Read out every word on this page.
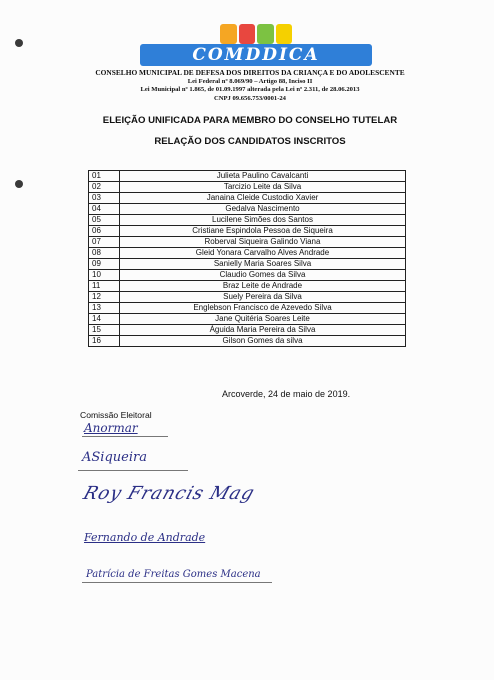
COMDDICA
CONSELHO MUNICIPAL DE DEFESA DOS DIREITOS DA CRIANÇA E DO ADOLESCENTE
Lei Federal nº 8.069/90 – Artigo 88, Inciso II
Lei Municipal nº 1.865, de 01.09.1997 alterada pela Lei nº 2.311, de 28.06.2013
CNPJ 09.656.753/0001-24
ELEIÇÃO UNIFICADA PARA MEMBRO DO CONSELHO TUTELAR
RELAÇÃO DOS CANDIDATOS INSCRITOS
01	Julieta Paulino Cavalcanti
02	Tarcizio Leite da Silva
03	Janaina Cleide Custodio Xavier
04	Gedalva Nascimento
05	Lucilene Simões dos Santos
06	Cristiane Espindola Pessoa de Siqueira
07	Roberval Siqueira Galindo Viana
08	Gleid Yonara Carvalho Alves Andrade
09	Sanielly Maria Soares Silva
10	Claudio Gomes da Silva
11	Braz Leite de Andrade
12	Suely Pereira da Silva
13	Englebson Francisco de Azevedo Silva
14	Jane Quitéria Soares Leite
15	Águida Maria Pereira da Silva
16	Gilson Gomes da silva
Arcoverde, 24 de maio de 2019.
Comissão Eleitoral
Anormar
ASiqueira
Roy Francis Mag
Fernando de Andrade
Patrícia de Freitas Gomes Macena
